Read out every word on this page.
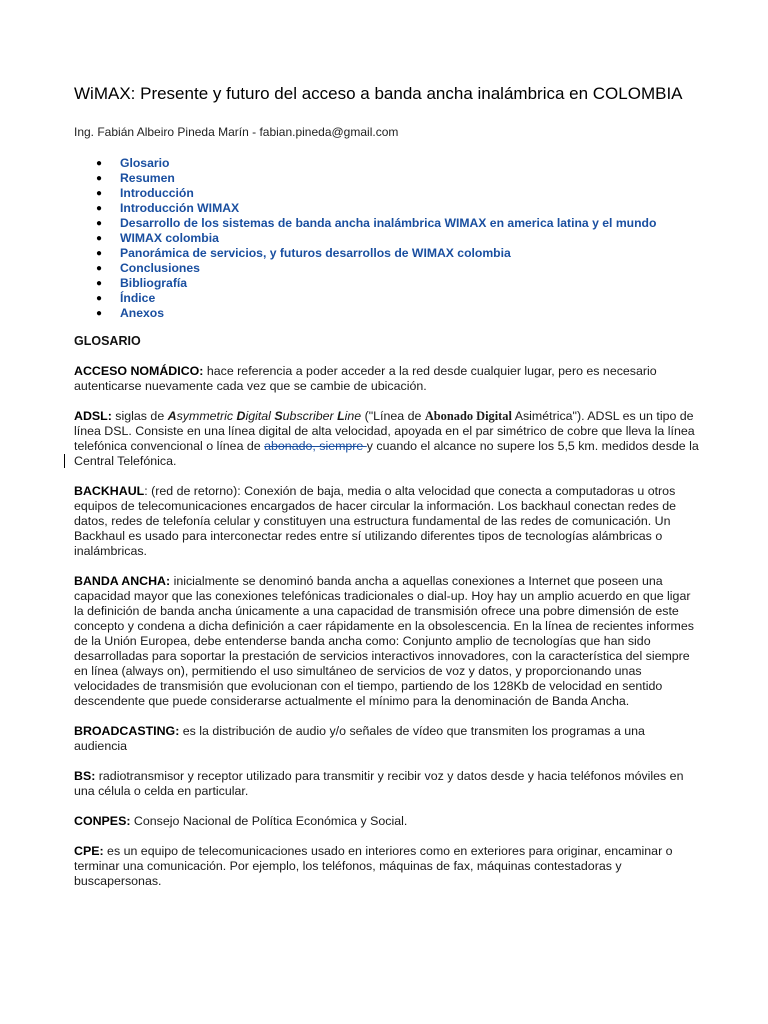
WiMAX: Presente y futuro del acceso a banda ancha inalámbrica en COLOMBIA
Ing. Fabián Albeiro Pineda Marín - fabian.pineda@gmail.com
● Glosario
● Resumen
● Introducción
● Introducción WIMAX
● Desarrollo de los sistemas de banda ancha inalámbrica WIMAX en america latina y el mundo
● WIMAX colombia
● Panorámica de servicios, y futuros desarrollos de WIMAX colombia
● Conclusiones
● Bibliografía
● Índice
● Anexos
GLOSARIO

ACCESO NOMÁDICO: hace referencia a poder acceder a la red desde cualquier lugar, pero es necesario autenticarse nuevamente cada vez que se cambie de ubicación.

ADSL: siglas de Asymmetric Digital Subscriber Line ("Línea de Abonado Digital Asimétrica"). ADSL es un tipo de línea DSL. Consiste en una línea digital de alta velocidad, apoyada en el par simétrico de cobre que lleva la línea telefónica convencional o línea de abonado, siempre y cuando el alcance no supere los 5,5 km. medidos desde la Central Telefónica.

BACKHAUL: (red de retorno): Conexión de baja, media o alta velocidad que conecta a computadoras u otros equipos de telecomunicaciones encargados de hacer circular la información. Los backhaul conectan redes de datos, redes de telefonía celular y constituyen una estructura fundamental de las redes de comunicación. Un Backhaul es usado para interconectar redes entre sí utilizando diferentes tipos de tecnologías alámbricas o inalámbricas.

BANDA ANCHA: inicialmente se denominó banda ancha a aquellas conexiones a Internet que poseen una capacidad mayor que las conexiones telefónicas tradicionales o dial-up. Hoy hay un amplio acuerdo en que ligar la definición de banda ancha únicamente a una capacidad de transmisión ofrece una pobre dimensión de este concepto y condena a dicha definición a caer rápidamente en la obsolescencia. En la línea de recientes informes de la Unión Europea, debe entenderse banda ancha como: Conjunto amplio de tecnologías que han sido desarrolladas para soportar la prestación de servicios interactivos innovadores, con la característica del siempre en línea (always on), permitiendo el uso simultáneo de servicios de voz y datos, y proporcionando unas velocidades de transmisión que evolucionan con el tiempo, partiendo de los 128Kb de velocidad en sentido descendente que puede considerarse actualmente el mínimo para la denominación de Banda Ancha.

BROADCASTING: es la distribución de audio y/o señales de vídeo que transmiten los programas a una audiencia

BS: radiotransmisor y receptor utilizado para transmitir y recibir voz y datos desde y hacia teléfonos móviles en una célula o celda en particular.

CONPES: Consejo Nacional de Política Económica y Social.

CPE: es un equipo de telecomunicaciones usado en interiores como en exteriores para originar, encaminar o terminar una comunicación. Por ejemplo, los teléfonos, máquinas de fax, máquinas contestadoras y buscapersonas.
